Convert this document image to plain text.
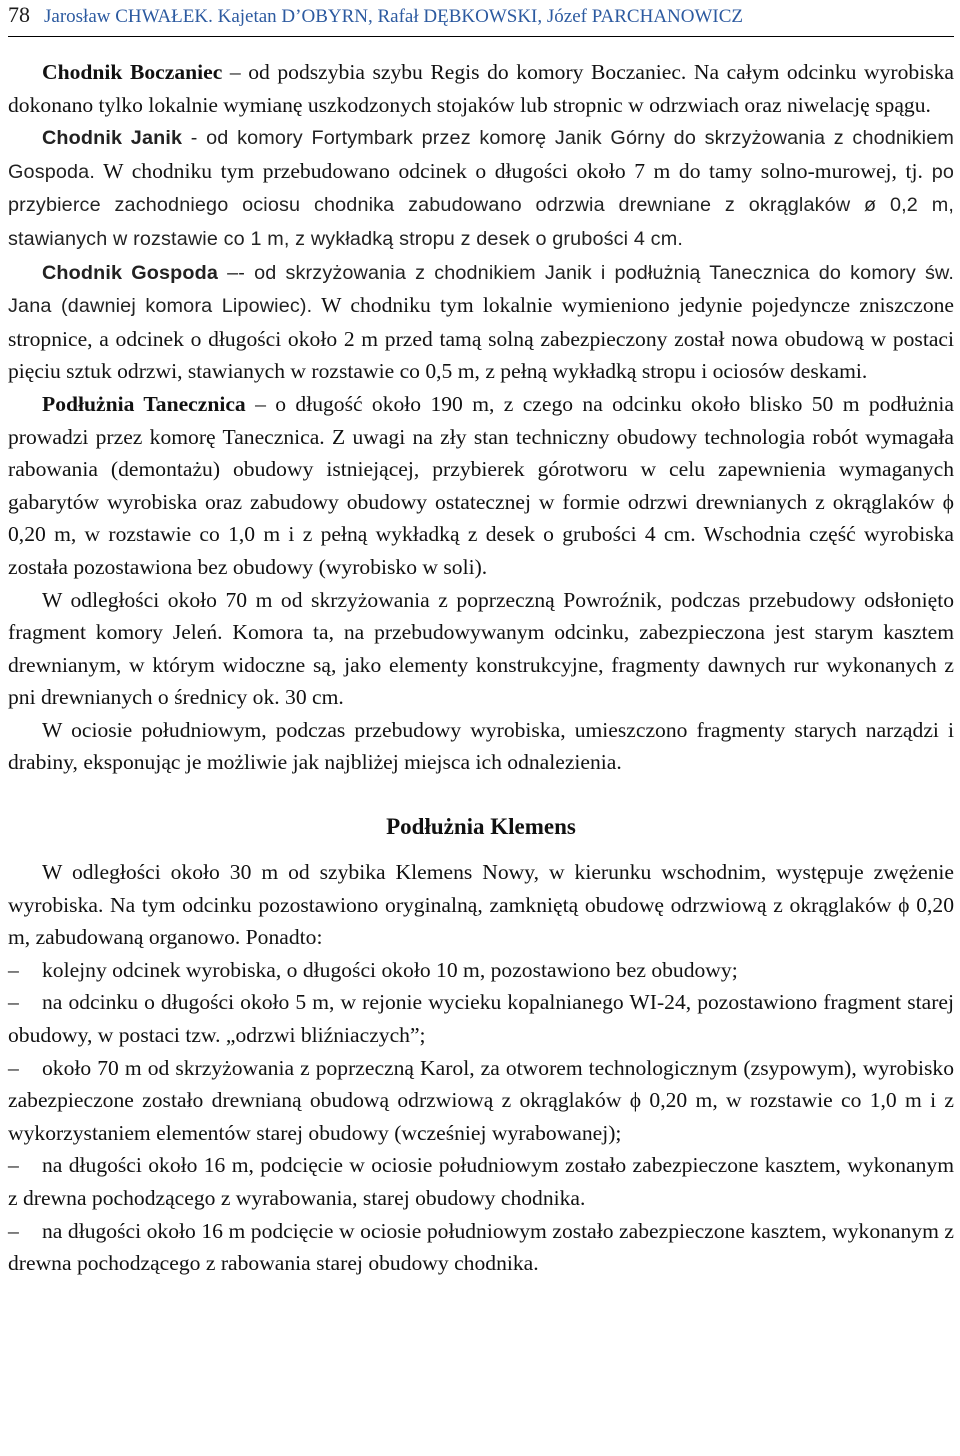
78 Jarosław CHWAŁEK. Kajetan D’OBYRN, Rafał DĘBKOWSKI, Józef PARCHANOWICZ

Chodnik Boczaniec – od podszybia szybu Regis do komory Boczaniec. Na całym odcinku wyrobiska dokonano tylko lokalnie wymianę uszkodzonych stojaków lub stropnic w odrzwiach oraz niwelację spągu.

Chodnik Janik - od komory Fortymbark przez komorę Janik Górny do skrzyżowania z chodnikiem Gospoda. W chodniku tym przebudowano odcinek o długości około 7 m do tamy solno-murowej, tj. po przybierce zachodniego ociosu chodnika zabudowano odrzwia drewniane z okrąglaków ø 0,2 m, stawianych w rozstawie co 1 m, z wykładką stropu z desek o grubości 4 cm.

Chodnik Gospoda –- od skrzyżowania z chodnikiem Janik i podłużnią Tanecznica do komory św. Jana (dawniej komora Lipowiec). W chodniku tym lokalnie wymieniono jedynie pojedyncze zniszczone stropnice, a odcinek o długości około 2 m przed tamą solną zabezpieczony został nowa obudową w postaci pięciu sztuk odrzwi, stawianych w rozstawie co 0,5 m, z pełną wykładką stropu i ociosów deskami.

Podłużnia Tanecznica – o długość około 190 m, z czego na odcinku około blisko 50 m podłużnia prowadzi przez komorę Tanecznica. Z uwagi na zły stan techniczny obudowy technologia robót wymagała rabowania (demontażu) obudowy istniejącej, przybierek górotworu w celu zapewnienia wymaganych gabarytów wyrobiska oraz zabudowy obudowy ostatecznej w formie odrzwi drewnianych z okrąglaków ϕ 0,20 m, w rozstawie co 1,0 m i z pełną wykładką z desek o grubości 4 cm. Wschodnia część wyrobiska została pozostawiona bez obudowy (wyrobisko w soli).

W odległości około 70 m od skrzyżowania z poprzeczną Powroźnik, podczas przebudowy odsłonięto fragment komory Jeleń. Komora ta, na przebudowywanym odcinku, zabezpieczona jest starym kasztem drewnianym, w którym widoczne są, jako elementy konstrukcyjne, fragmenty dawnych rur wykonanych z pni drewnianych o średnicy ok. 30 cm.

W ociosie południowym, podczas przebudowy wyrobiska, umieszczono fragmenty starych narządzi i drabiny, eksponując je możliwie jak najbliżej miejsca ich odnalezienia.

Podłużnia Klemens

W odległości około 30 m od szybika Klemens Nowy, w kierunku wschodnim, występuje zwężenie wyrobiska. Na tym odcinku pozostawiono oryginalną, zamkniętą obudowę odrzwiową z okrąglaków ϕ 0,20 m, zabudowaną organowo. Ponadto:

–kolejny odcinek wyrobiska, o długości około 10 m, pozostawiono bez obudowy;

–na odcinku o długości około 5 m, w rejonie wycieku kopalnianego WI-24, pozostawiono fragment starej obudowy, w postaci tzw. „odrzwi bliźniaczych”;

–około 70 m od skrzyżowania z poprzeczną Karol, za otworem technologicznym (zsypowym), wyrobisko zabezpieczone zostało drewnianą obudową odrzwiową z okrąglaków ϕ 0,20 m, w rozstawie co 1,0 m i z wykorzystaniem elementów starej obudowy (wcześniej wyrabowanej);

–na długości około 16 m, podcięcie w ociosie południowym zostało zabezpieczone kasztem, wykonanym z drewna pochodzącego z wyrabowania, starej obudowy chodnika.

–na długości około 16 m podcięcie w ociosie południowym zostało zabezpieczone kasztem, wykonanym z drewna pochodzącego z rabowania starej obudowy chodnika.
